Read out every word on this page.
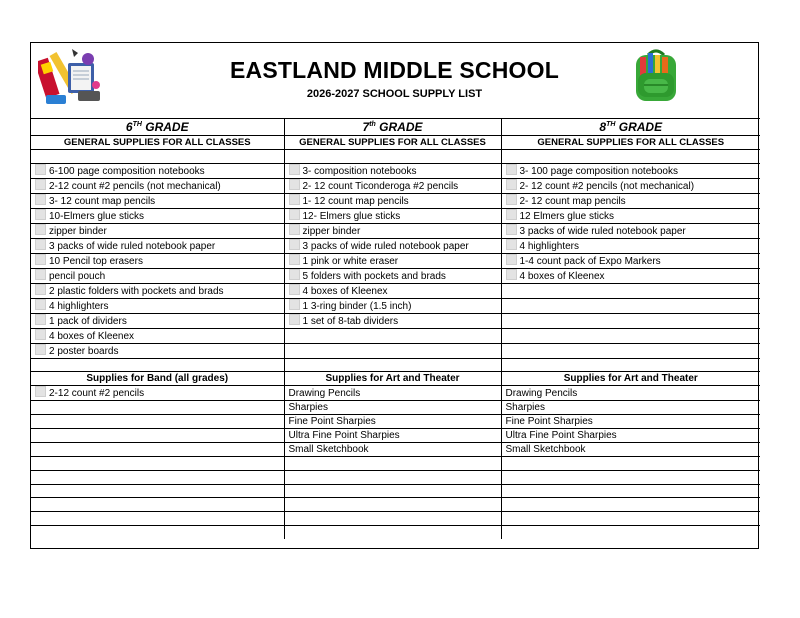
EASTLAND MIDDLE SCHOOL
2026-2027 SCHOOL SUPPLY LIST
6TH GRADE	7th GRADE	8TH GRADE
GENERAL SUPPLIES FOR ALL CLASSES	GENERAL SUPPLIES FOR ALL CLASSES	GENERAL SUPPLIES FOR ALL CLASSES

6-100 page composition notebooks	3- composition notebooks	3- 100 page composition notebooks
2-12 count #2 pencils (not mechanical)	2- 12 count Ticonderoga #2 pencils	2- 12 count #2 pencils (not mechanical)
3- 12 count map pencils	1- 12 count map pencils	2- 12 count map pencils
10-Elmers glue sticks	12- Elmers glue sticks	12 Elmers glue sticks
zipper binder	zipper binder	3 packs of wide ruled notebook paper
3 packs of wide ruled notebook paper	3 packs of wide ruled notebook paper	4 highlighters
10 Pencil top erasers	1 pink or white eraser	1-4 count pack of Expo Markers
pencil pouch	5 folders with pockets and brads	4 boxes of Kleenex
2 plastic folders with pockets and brads	4 boxes of Kleenex	
4 highlighters	1 3-ring binder (1.5 inch)	
1 pack of dividers	1 set of 8-tab dividers	
4 boxes of Kleenex		
2 poster boards		

Supplies for Band (all grades)	Supplies for Art and Theater	Supplies for Art and Theater
2-12 count #2 pencils	Drawing Pencils	Drawing Pencils
	Sharpies	Sharpies
	Fine Point Sharpies	Fine Point Sharpies
	Ultra Fine Point Sharpies	Ultra Fine Point Sharpies
	Small Sketchbook	Small Sketchbook
